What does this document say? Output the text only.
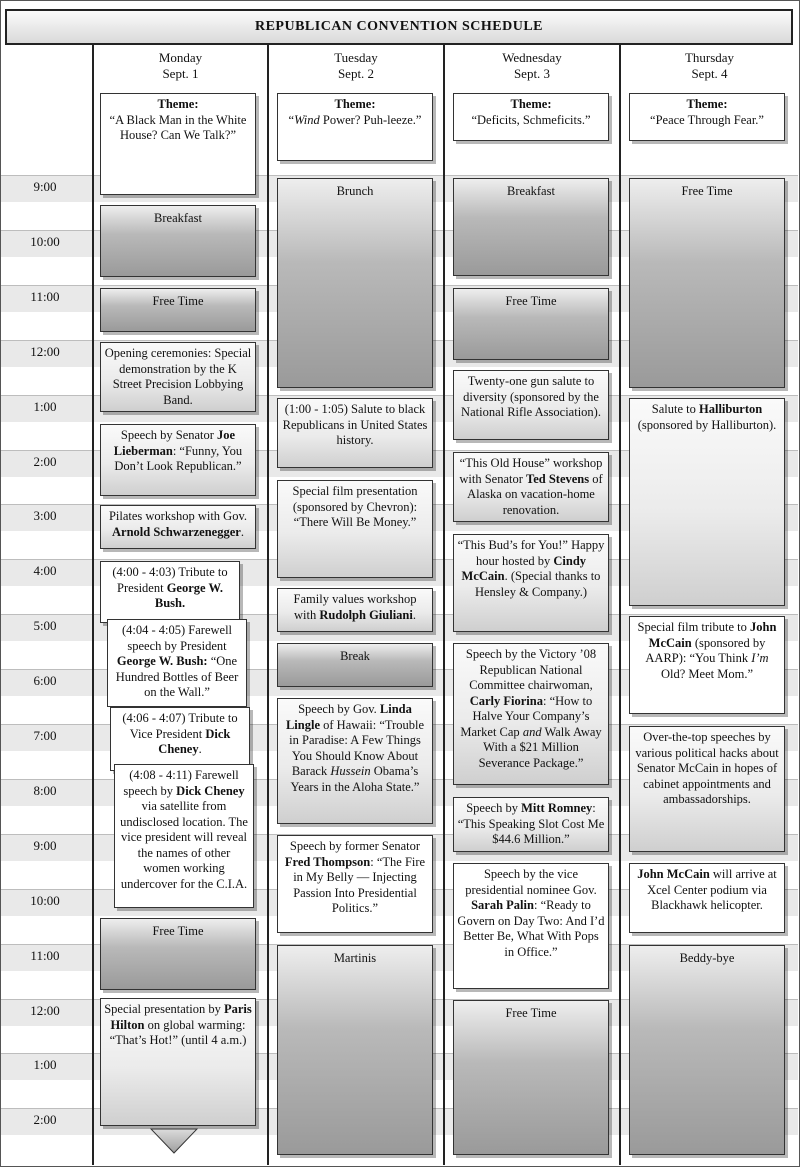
REPUBLICAN CONVENTION SCHEDULE
Monday
Sept. 1
Tuesday
Sept. 2
Wednesday
Sept. 3
Thursday
Sept. 4
9:00
10:00
11:00
12:00
1:00
2:00
3:00
4:00
5:00
6:00
7:00
8:00
9:00
10:00
11:00
12:00
1:00
2:00
Theme:
“A Black Man in the White House? Can We Talk?”
Theme:
“Wind Power? Puh-leeze.”
Theme:
“Deficits, Schmeficits.”
Theme:
“Peace Through Fear.”
Breakfast
Free Time
Opening ceremonies: Special demonstration by the K Street Precision Lobbying Band.
Speech by Senator Joe Lieberman: “Funny, You Don’t Look Republican.”
Pilates workshop with Gov. Arnold Schwarzenegger.
(4:00 - 4:03) Tribute to President George W. Bush.
(4:04 - 4:05) Farewell speech by President George W. Bush: “One Hundred Bottles of Beer on the Wall.”
(4:06 - 4:07) Tribute to Vice President Dick Cheney.
(4:08 - 4:11) Farewell speech by Dick Cheney via satellite from undisclosed location. The vice president will reveal the names of other women working undercover for the C.I.A.
Free Time
Special presentation by Paris Hilton on global warming: “That’s Hot!” (until 4 a.m.)
Brunch
(1:00 - 1:05) Salute to black Republicans in United States history.
Special film presentation (sponsored by Chevron): “There Will Be Money.”
Family values workshop with Rudolph Giuliani.
Break
Speech by Gov. Linda Lingle of Hawaii: “Trouble in Paradise: A Few Things You Should Know About Barack Hussein Obama’s Years in the Aloha State.”
Speech by former Senator Fred Thompson: “The Fire in My Belly — Injecting Passion Into Presidential Politics.”
Martinis
Breakfast
Free Time
Twenty-one gun salute to diversity (sponsored by the National Rifle Association).
“This Old House” workshop with Senator Ted Stevens of Alaska on vacation-home renovation.
“This Bud’s for You!” Happy hour hosted by Cindy McCain. (Special thanks to Hensley & Company.)
Speech by the Victory ’08 Republican National Committee chairwoman, Carly Fiorina: “How to Halve Your Company’s Market Cap and Walk Away With a $21 Million Severance Package.”
Speech by Mitt Romney: “This Speaking Slot Cost Me $44.6 Million.”
Speech by the vice presidential nominee Gov. Sarah Palin: “Ready to Govern on Day Two: And I’d Better Be, What With Pops in Office.”
Free Time
Free Time
Salute to Halliburton (sponsored by Halliburton).
Special film tribute to John McCain (sponsored by AARP): “You Think I’m Old? Meet Mom.”
Over-the-top speeches by various political hacks about Senator McCain in hopes of cabinet appointments and ambassadorships.
John McCain will arrive at Xcel Center podium via Blackhawk helicopter.
Beddy-bye
